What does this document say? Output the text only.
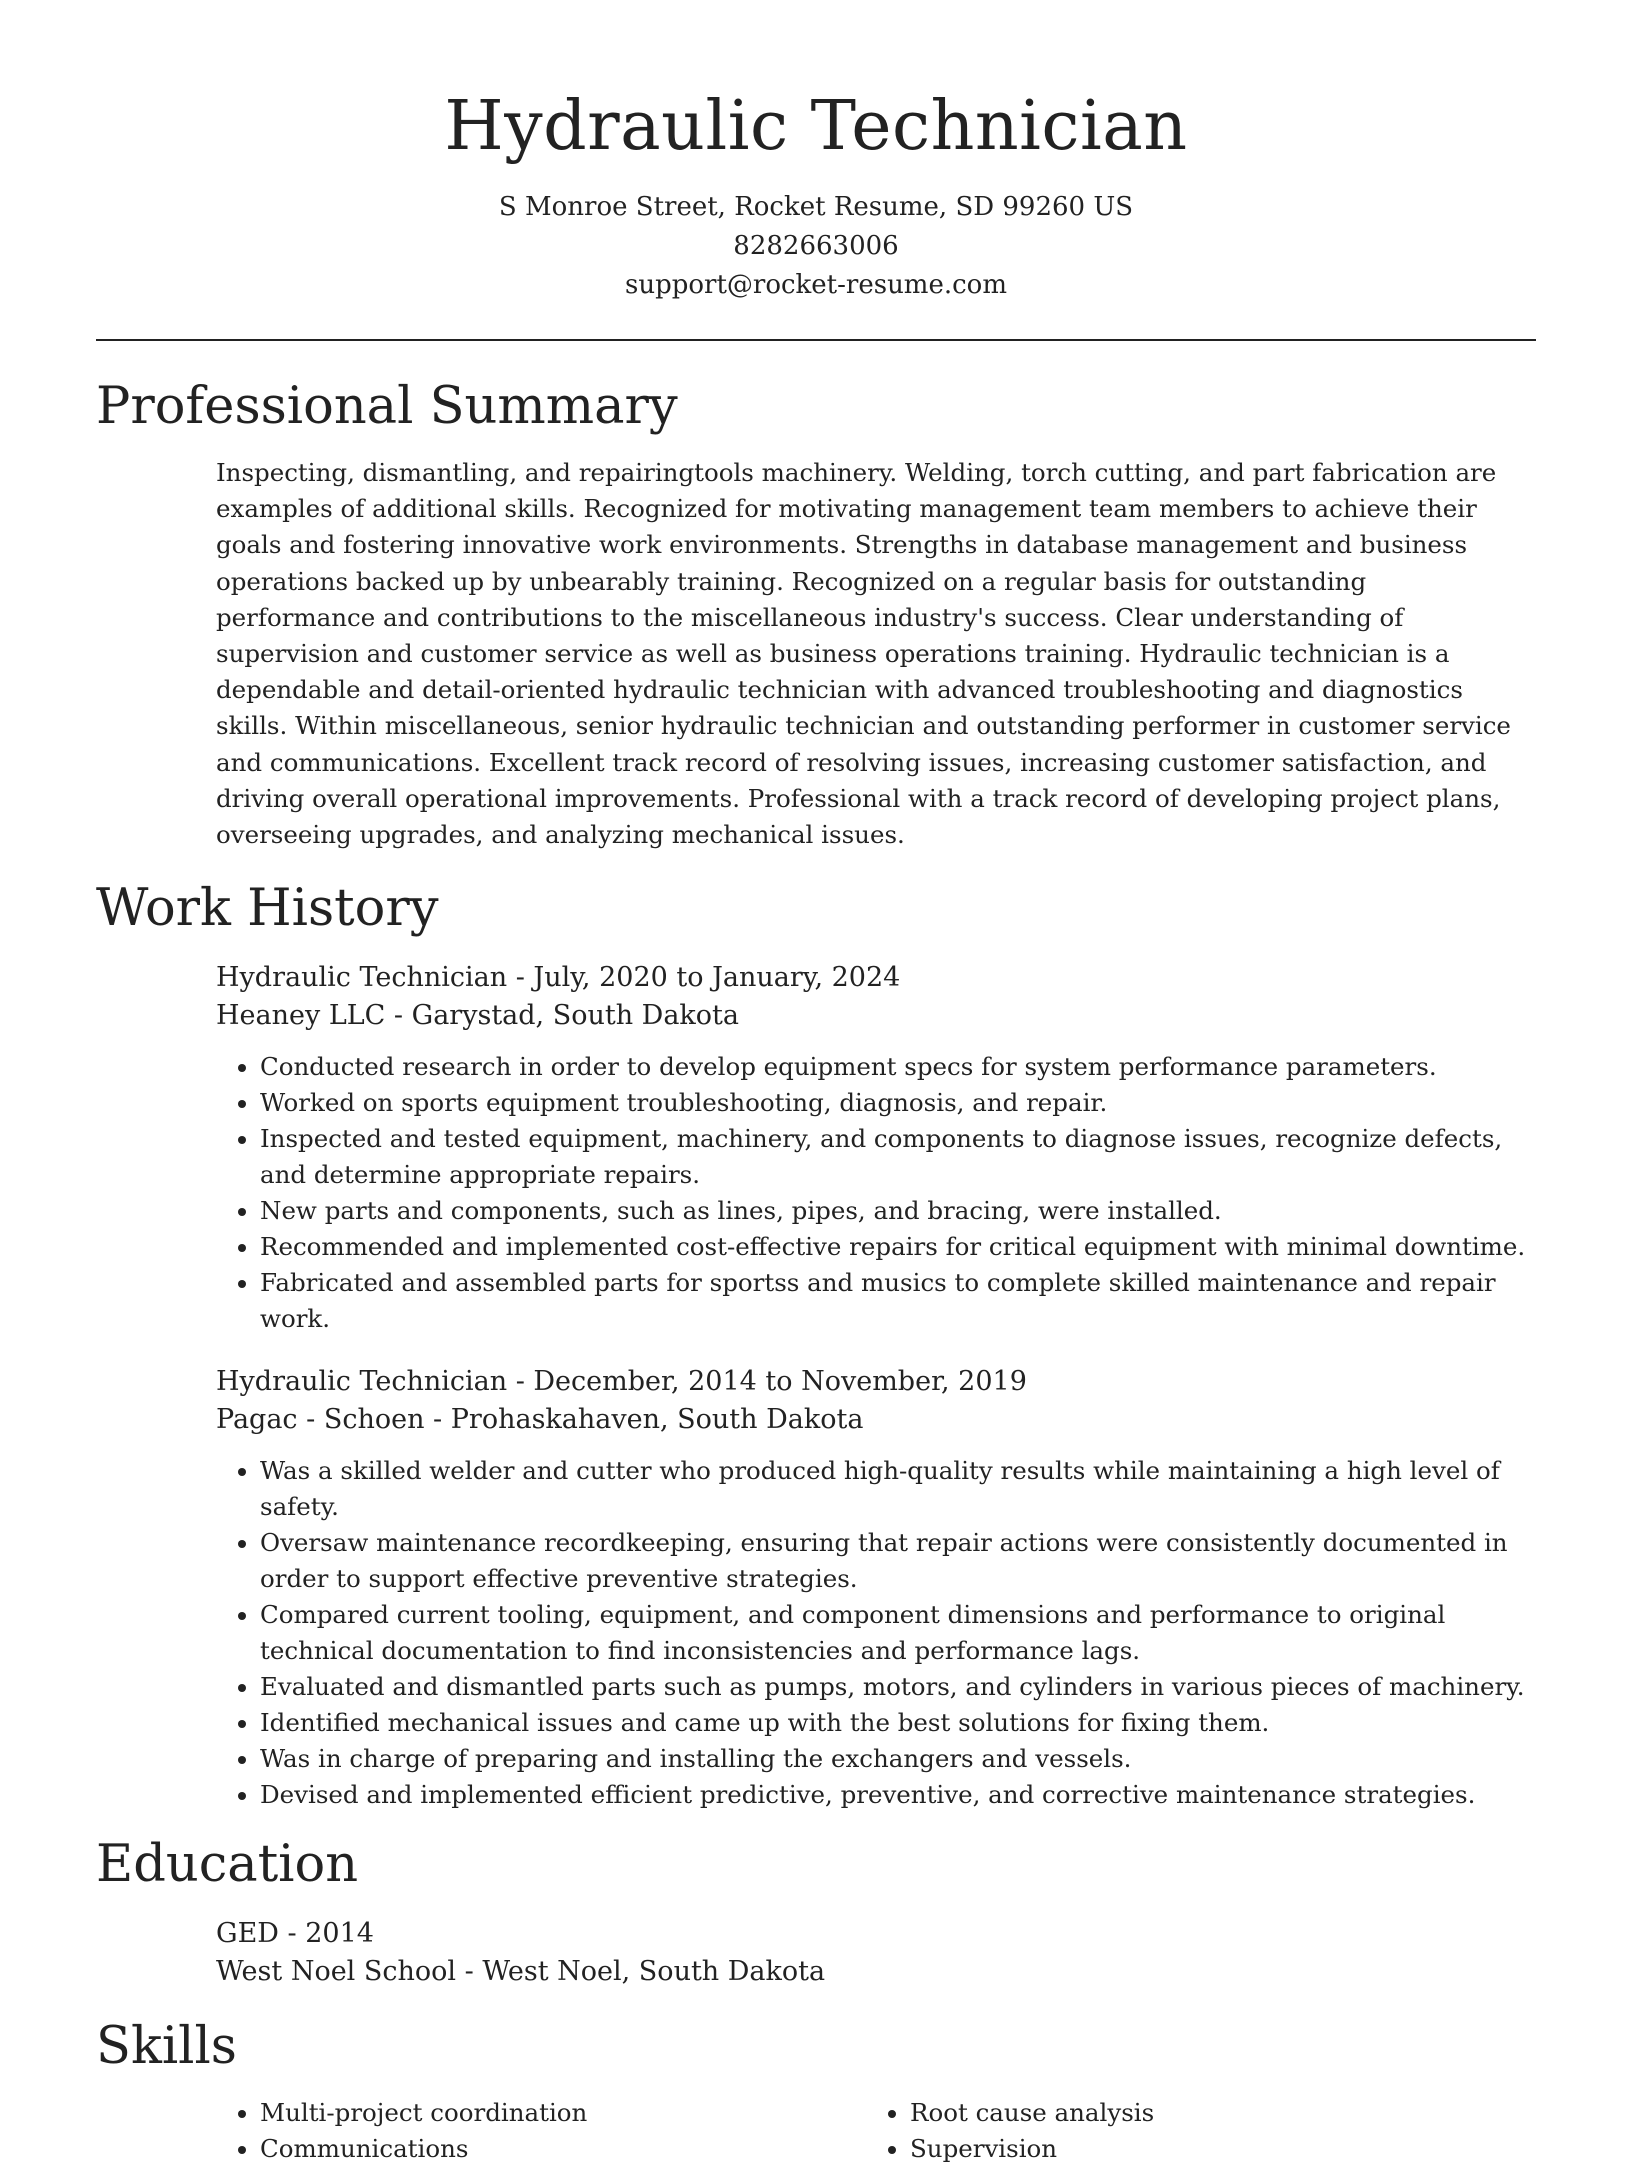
Hydraulic Technician
S Monroe Street, Rocket Resume, SD 99260 US
8282663006
support@rocket-resume.com
Professional Summary
Inspecting, dismantling, and repairingtools machinery. Welding, torch cutting, and part fabrication are examples of additional skills. Recognized for motivating management team members to achieve their goals and fostering innovative work environments. Strengths in database management and business operations backed up by unbearably training. Recognized on a regular basis for outstanding performance and contributions to the miscellaneous industry's success. Clear understanding of supervision and customer service as well as business operations training. Hydraulic technician is a dependable and detail-oriented hydraulic technician with advanced troubleshooting and diagnostics skills. Within miscellaneous, senior hydraulic technician and outstanding performer in customer service and communications. Excellent track record of resolving issues, increasing customer satisfaction, and driving overall operational improvements. Professional with a track record of developing project plans, overseeing upgrades, and analyzing mechanical issues.
Work History
Hydraulic Technician - July, 2020 to January, 2024
Heaney LLC - Garystad, South Dakota
• Conducted research in order to develop equipment specs for system performance parameters.
• Worked on sports equipment troubleshooting, diagnosis, and repair.
• Inspected and tested equipment, machinery, and components to diagnose issues, recognize defects, and determine appropriate repairs.
• New parts and components, such as lines, pipes, and bracing, were installed.
• Recommended and implemented cost-effective repairs for critical equipment with minimal downtime.
• Fabricated and assembled parts for sportss and musics to complete skilled maintenance and repair work.
Hydraulic Technician - December, 2014 to November, 2019
Pagac - Schoen - Prohaskahaven, South Dakota
• Was a skilled welder and cutter who produced high-quality results while maintaining a high level of safety.
• Oversaw maintenance recordkeeping, ensuring that repair actions were consistently documented in order to support effective preventive strategies.
• Compared current tooling, equipment, and component dimensions and performance to original technical documentation to find inconsistencies and performance lags.
• Evaluated and dismantled parts such as pumps, motors, and cylinders in various pieces of machinery.
• Identified mechanical issues and came up with the best solutions for fixing them.
• Was in charge of preparing and installing the exchangers and vessels.
• Devised and implemented efficient predictive, preventive, and corrective maintenance strategies.
Education
GED - 2014
West Noel School - West Noel, South Dakota
Skills
• Multi-project coordination
• Communications
• Root cause analysis
• Supervision
